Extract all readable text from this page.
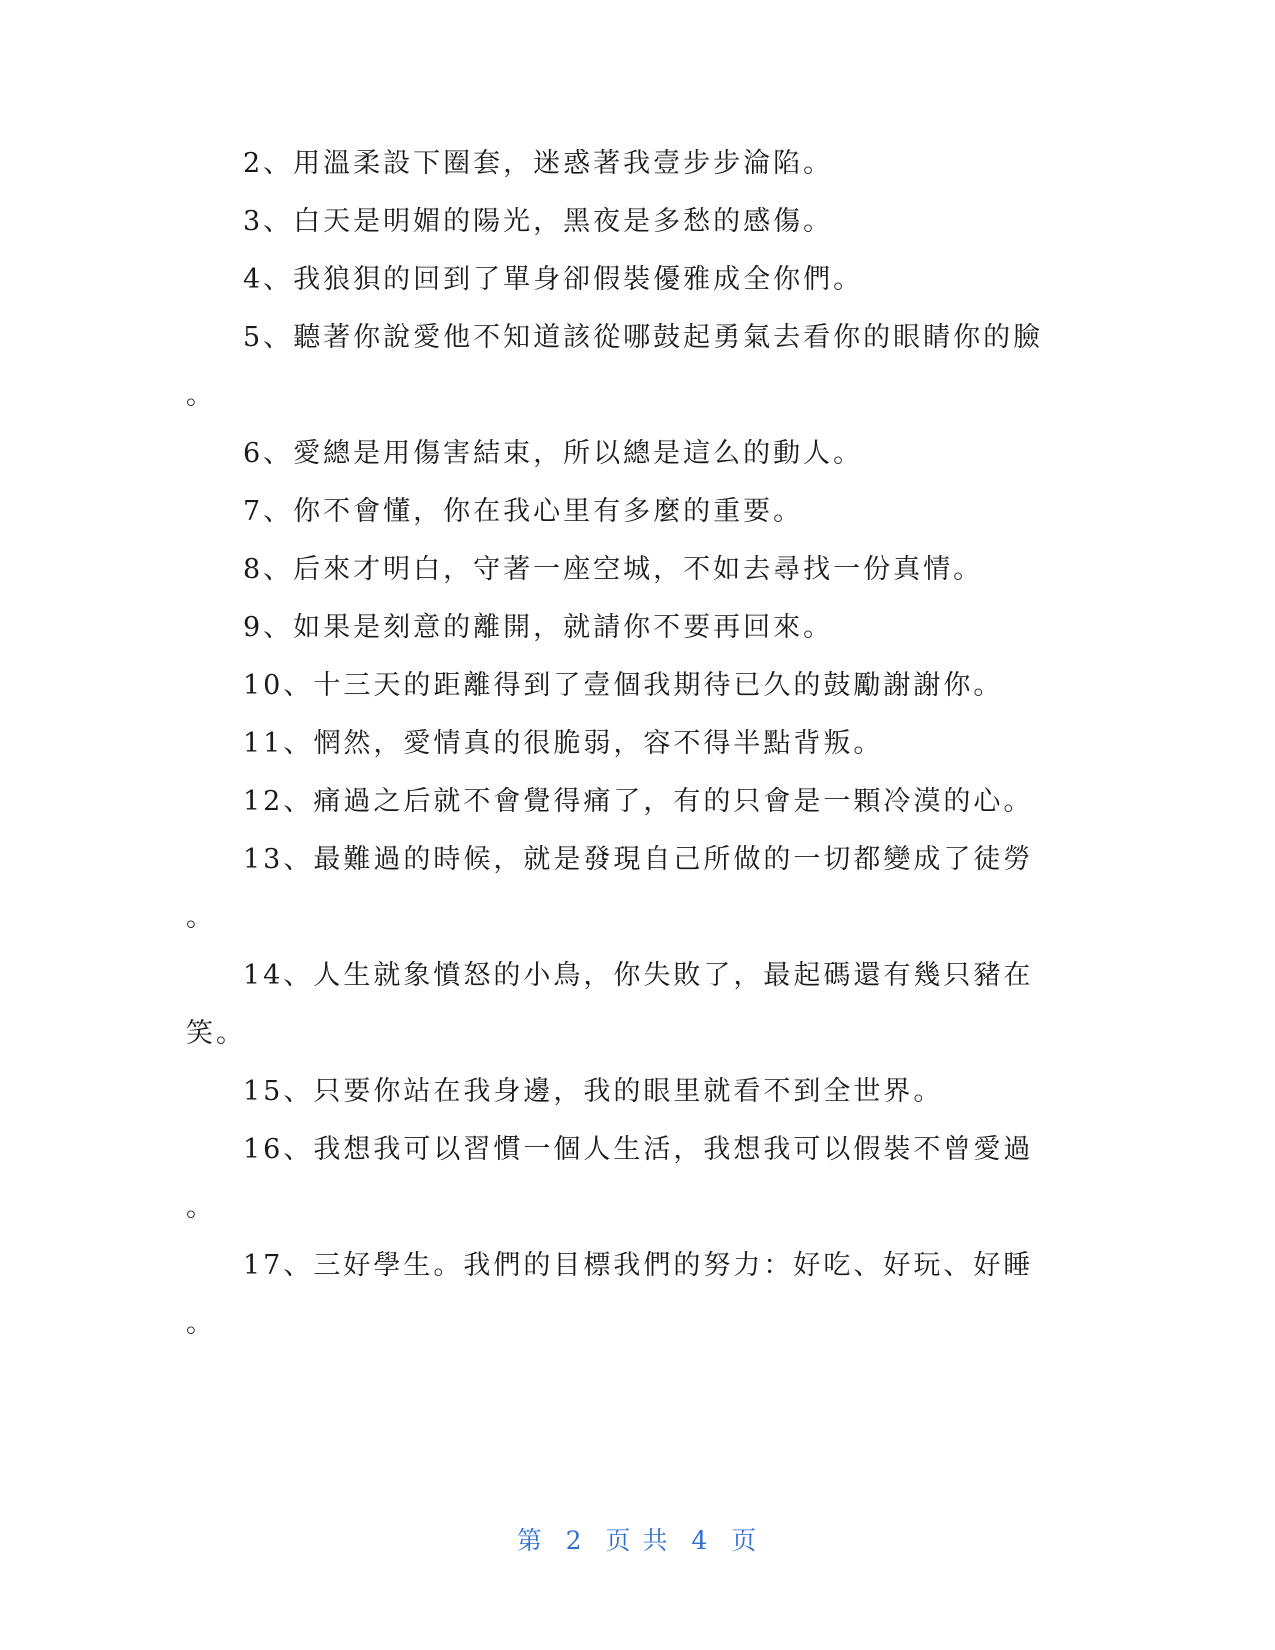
2、用溫柔設下圈套，迷惑著我壹步步淪陷。
3、白天是明媚的陽光，黑夜是多愁的感傷。
4、我狼狽的回到了單身卻假裝優雅成全你們。
5、聽著你說愛他不知道該從哪鼓起勇氣去看你的眼睛你的臉
。
6、愛總是用傷害結束，所以總是這么的動人。
7、你不會懂，你在我心里有多麼的重要。
8、后來才明白，守著一座空城，不如去尋找一份真情。
9、如果是刻意的離開，就請你不要再回來。
10、十三天的距離得到了壹個我期待已久的鼓勵謝謝你。
11、惘然，愛情真的很脆弱，容不得半點背叛。
12、痛過之后就不會覺得痛了，有的只會是一顆冷漠的心。
13、最難過的時候，就是發現自己所做的一切都變成了徒勞
。
14、人生就象憤怒的小鳥，你失敗了，最起碼還有幾只豬在
笑。
15、只要你站在我身邊，我的眼里就看不到全世界。
16、我想我可以習慣一個人生活，我想我可以假裝不曾愛過
。
17、三好學生。我們的目標我們的努力：好吃、好玩、好睡
。
第 2 页 共 4 页
